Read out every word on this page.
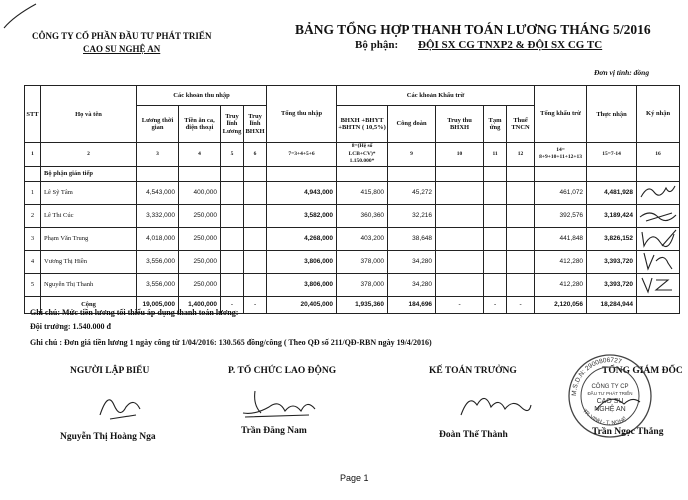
CÔNG TY CỔ PHẦN ĐẦU TƯ PHÁT TRIỂN
CAO SU NGHỆ AN
BẢNG TỔNG HỢP THANH TOÁN LƯƠNG THÁNG 5/2016
Bộ phận: ĐỘI SX CG TNXP2 & ĐỘI SX CG TC
Đơn vị tính: đồng
STT	Họ và tên	Các khoản thu nhập				Tổng thu nhập	Các khoản Khấu trừ					Tổng khấu trừ	Thực nhận	Ký nhận
		Lương thời gian	Tiền ăn ca, điện thoại	Truy lĩnh Lương	Truy lĩnh BHXH		BHXH +BHYT +BHTN ( 10,5%)	Công đoàn	Truy thu BHXH	Tạm ứng	Thuế TNCN			
1	2	3	4	5	6	7=3+4+5+6	8=(Hệ số LCB+CV)* 1.150.000*	9	10	11	12	14= 8+9+10+11+12+13	15=7-14	16
	Bộ phận gián tiếp													
1	Lê Sỹ Tâm	4,543,000	400,000			4,943,000	415,800	45,272				461,072	4,481,928	
2	Lê Thi Cúc	3,332,000	250,000			3,582,000	360,360	32,216				392,576	3,189,424	
3	Phạm Văn Trung	4,018,000	250,000			4,268,000	403,200	38,648				441,848	3,826,152	
4	Vương Thị Hiền	3,556,000	250,000			3,806,000	378,000	34,280				412,280	3,393,720	
5	Nguyễn Thị Thanh	3,556,000	250,000			3,806,000	378,000	34,280				412,280	3,393,720	
	Cộng	19,005,000	1,400,000	-	-	20,405,000	1,935,360	184,696	-	-	-	2,120,056	18,284,944	
Ghi chú: Mức tiền lương tối thiểu áp dụng thanh toán lương:
Đội trưởng: 1.540.000 đ
Ghi chú : Đơn giá tiền lương 1 ngày công từ 1/04/2016: 130.565 đồng/công ( Theo QĐ số 211/QĐ-RBN ngày 19/4/2016)
NGƯỜI LẬP BIỂU	P. TỔ CHỨC LAO ĐỘNG	KẾ TOÁN TRƯỞNG	TỔNG GIÁM ĐỐC
M.S.D.N: 2900806727
CÔNG TY CP
ĐẦU TƯ PHÁT TRIỂN
CAO SU
NGHỆ AN
TP. VINH - T. NGHỆ
Nguyễn Thị Hoàng Nga
Trần Đăng Nam	Đoàn Thế Thành	Trần Ngọc Thắng
Page 1
